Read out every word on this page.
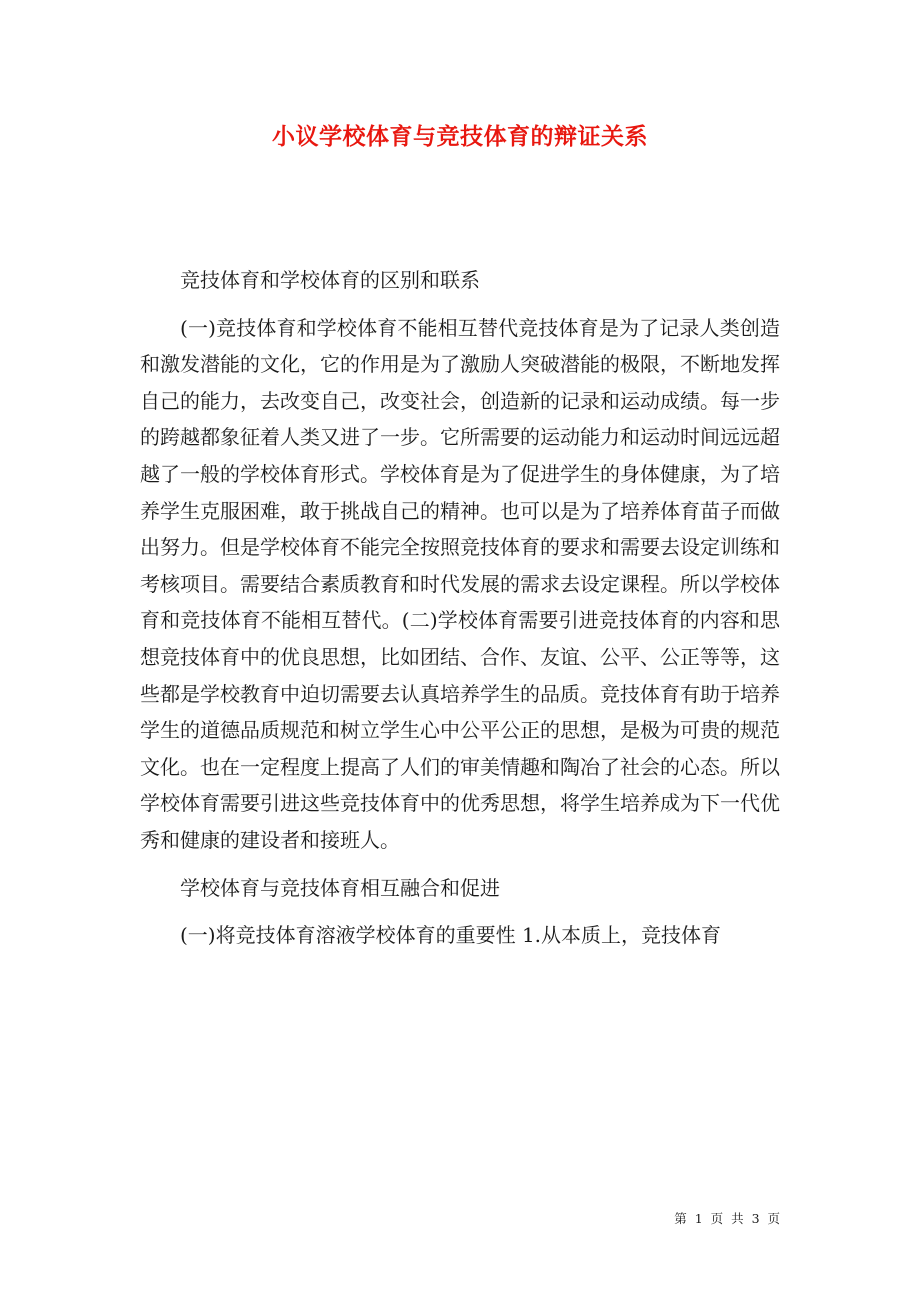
小议学校体育与竞技体育的辩证关系

竞技体育和学校体育的区别和联系

(一)竞技体育和学校体育不能相互替代竞技体育是为了记录人类创造和激发潜能的文化，它的作用是为了激励人突破潜能的极限，不断地发挥自己的能力，去改变自己，改变社会，创造新的记录和运动成绩。每一步的跨越都象征着人类又进了一步。它所需要的运动能力和运动时间远远超越了一般的学校体育形式。学校体育是为了促进学生的身体健康，为了培养学生克服困难，敢于挑战自己的精神。也可以是为了培养体育苗子而做出努力。但是学校体育不能完全按照竞技体育的要求和需要去设定训练和考核项目。需要结合素质教育和时代发展的需求去设定课程。所以学校体育和竞技体育不能相互替代。(二)学校体育需要引进竞技体育的内容和思想竞技体育中的优良思想，比如团结、合作、友谊、公平、公正等等，这些都是学校教育中迫切需要去认真培养学生的品质。竞技体育有助于培养学生的道德品质规范和树立学生心中公平公正的思想，是极为可贵的规范文化。也在一定程度上提高了人们的审美情趣和陶冶了社会的心态。所以学校体育需要引进这些竞技体育中的优秀思想，将学生培养成为下一代优秀和健康的建设者和接班人。

学校体育与竞技体育相互融合和促进

(一)将竞技体育溶液学校体育的重要性 1.从本质上，竞技体育

第 1 页 共 3 页
